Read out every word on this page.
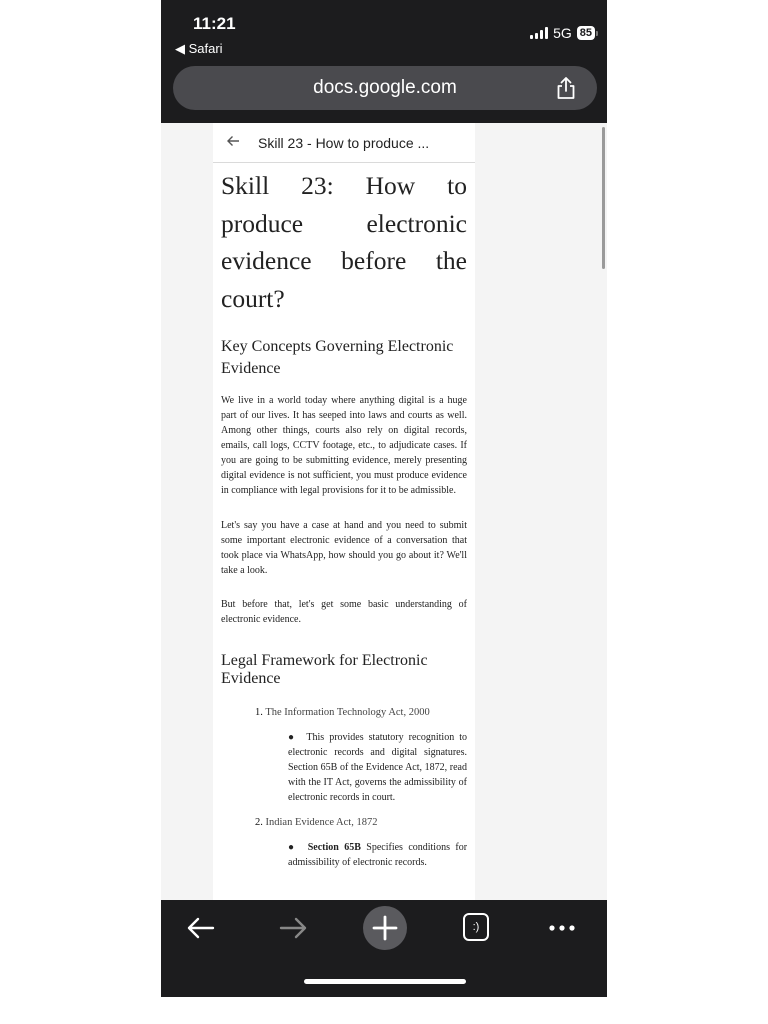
11:21
◀ Safari
5G 85
docs.google.com
Skill 23 - How to produce ...
Skill 23: How to
produce electronic
evidence before the
court?
Key Concepts Governing Electronic Evidence
We live in a world today where anything digital is a huge part of our lives. It has seeped into laws and courts as well. Among other things, courts also rely on digital records, emails, call logs, CCTV footage, etc., to adjudicate cases. If you are going to be submitting evidence, merely presenting digital evidence is not sufficient, you must produce evidence in compliance with legal provisions for it to be admissible.
Let's say you have a case at hand and you need to submit some important electronic evidence of a conversation that took place via WhatsApp, how should you go about it? We'll take a look.
But before that, let's get some basic understanding of electronic evidence.
Legal Framework for Electronic Evidence
1. The Information Technology Act, 2000
● This provides statutory recognition to electronic records and digital signatures. Section 65B of the Evidence Act, 1872, read with the IT Act, governs the admissibility of electronic records in court.
2. Indian Evidence Act, 1872
● Section 65B Specifies conditions for admissibility of electronic records.
:)
